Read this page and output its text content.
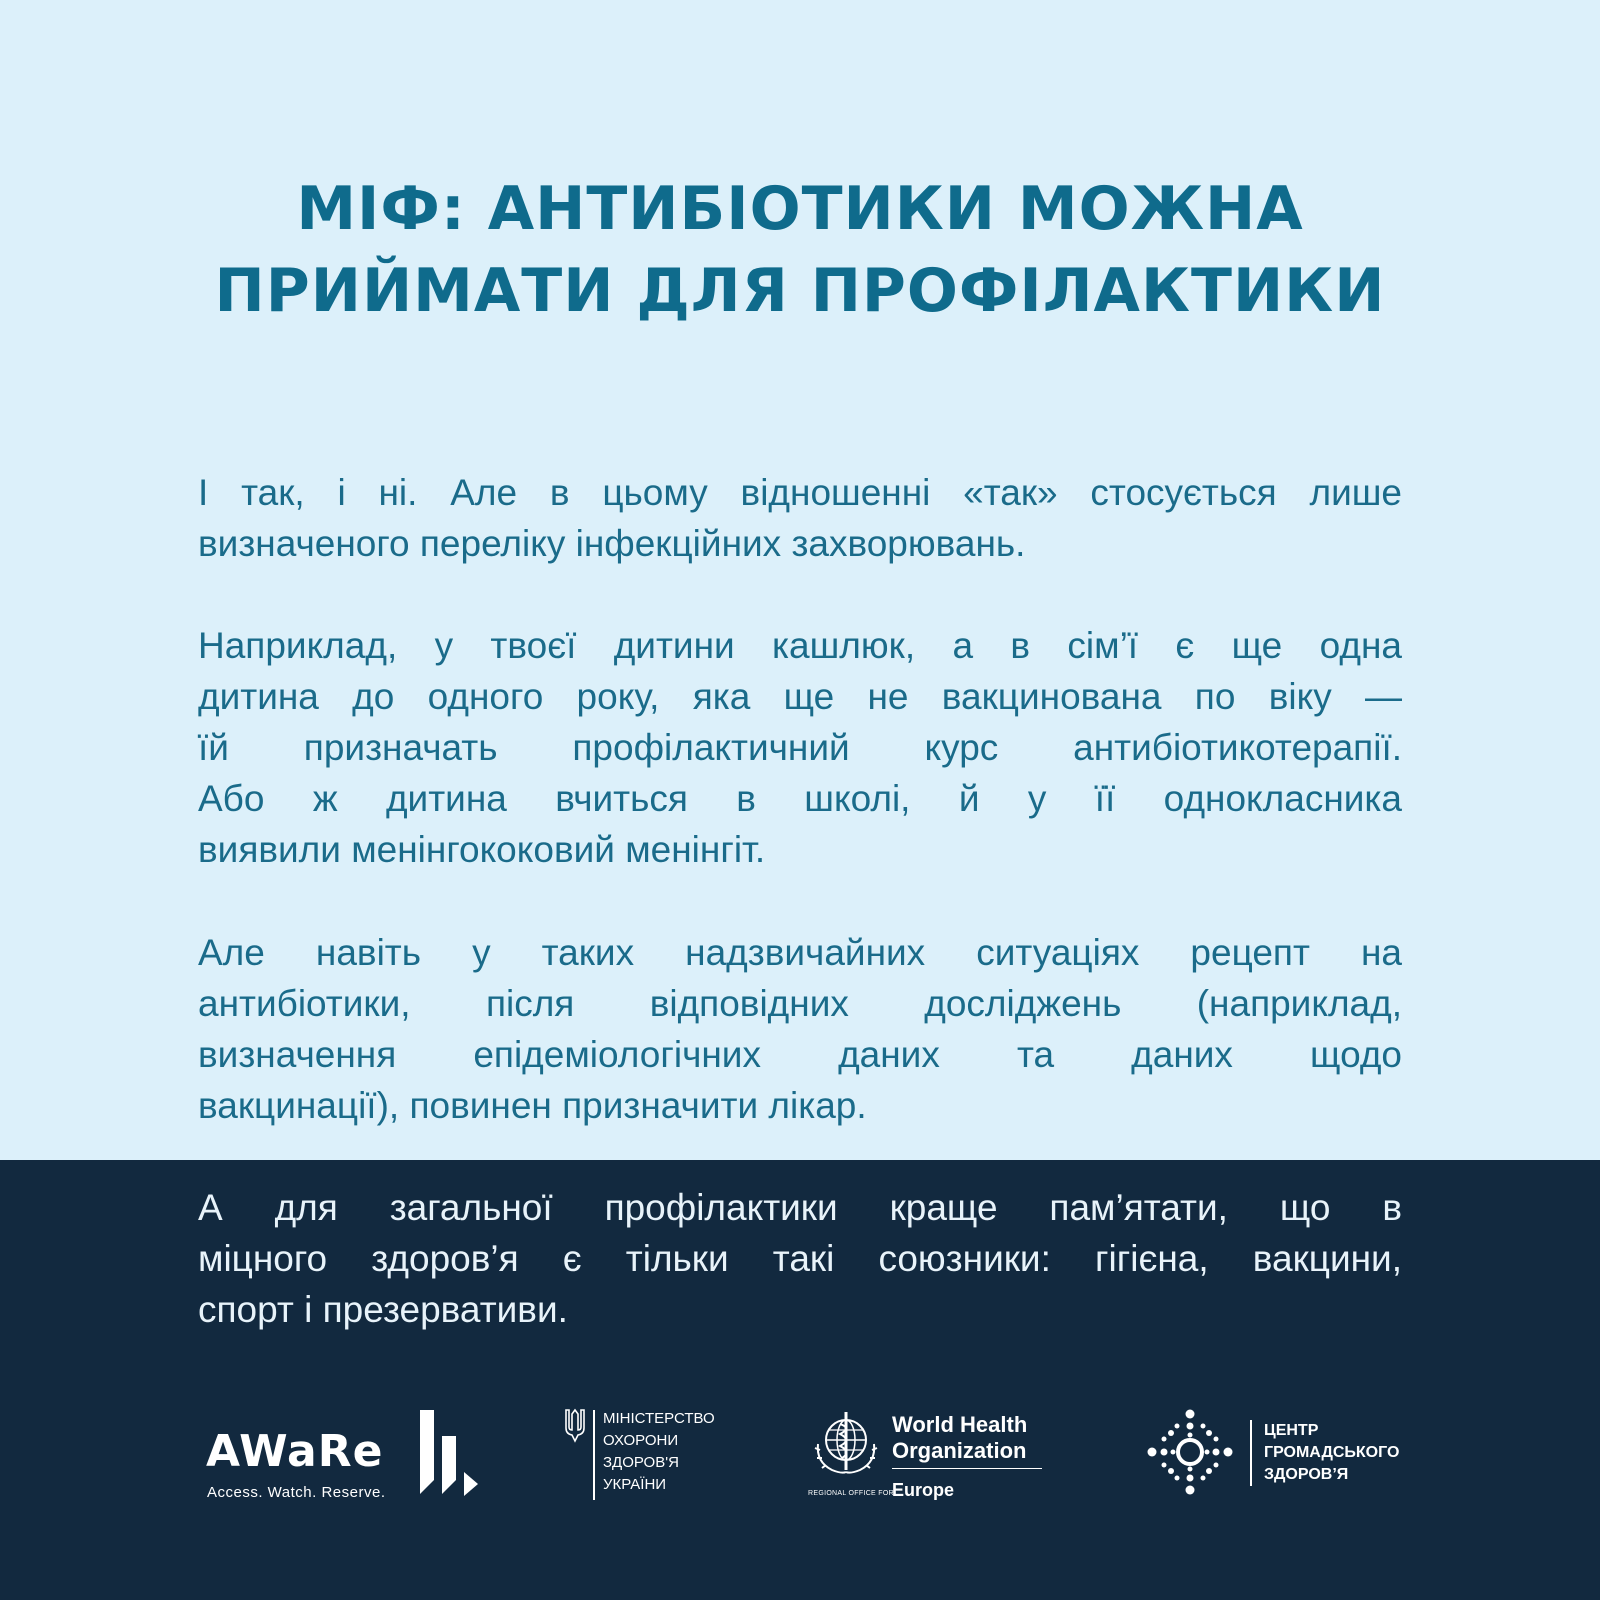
МІФ: АНТИБІОТИКИ МОЖНА
ПРИЙМАТИ ДЛЯ ПРОФІЛАКТИКИ

І так, і ні. Але в цьому відношенні «так» стосується лише
визначеного переліку інфекційних захворювань.

Наприклад, у твоєї дитини кашлюк, а в сім’ї є ще одна
дитина до одного року, яка ще не вакцинована по віку —
їй призначать профілактичний курс антибіотикотерапії.
Або ж дитина вчиться в школі, й у її однокласника
виявили менінгококовий менінгіт.

Але навіть у таких надзвичайних ситуаціях рецепт на
антибіотики, після відповідних досліджень (наприклад,
визначення епідеміологічних даних та даних щодо
вакцинації), повинен призначити лікар.

А для загальної профілактики краще пам’ятати, що в
міцного здоров’я є тільки такі союзники: гігієна, вакцини,
спорт і презервативи.

AWaRe
Access. Watch. Reserve.
МІНІСТЕРСТВО
ОХОРОНИ
ЗДОРОВ'Я
УКРАЇНИ
World Health
Organization
REGIONAL OFFICE FOR
Europe
ЦЕНТР
ГРОМАДСЬКОГО
ЗДОРОВ’Я
